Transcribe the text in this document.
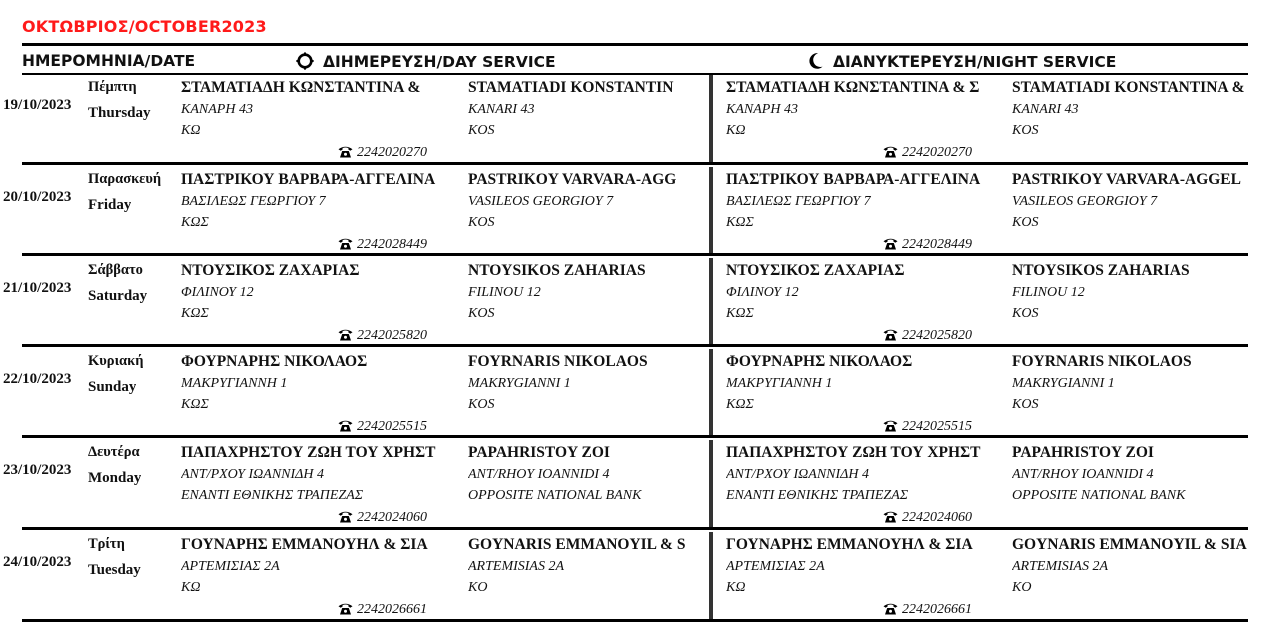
ΟΚΤΩΒΡΙΟΣ/OCTOBER2023
ΗΜΕΡΟΜΗΝΙΑ/DATE	ΔΙΗΜΕΡΕΥΣΗ/DAY SERVICE	ΔΙΑΝΥΚΤΕΡΕΥΣΗ/NIGHT SERVICE
19/10/2023
Πέμπτη
Thursday
ΣΤΑΜΑΤΙΑΔΗ ΚΩΝΣΤΑΝΤΙΝΑ &
ΚΑΝΑΡΗ 43
ΚΩ
STAMATIADI KONSTANTIN
KANARI 43
KOS
2242020270
ΣΤΑΜΑΤΙΑΔΗ ΚΩΝΣΤΑΝΤΙΝΑ & Σ
ΚΑΝΑΡΗ 43
ΚΩ
STAMATIADI KONSTANTINA &
KANARI 43
KOS
2242020270
20/10/2023
Παρασκευή
Friday
ΠΑΣΤΡΙΚΟΥ ΒΑΡΒΑΡΑ-ΑΓΓΕΛΙΝΑ
ΒΑΣΙΛΕΩΣ ΓΕΩΡΓΙΟΥ 7
ΚΩΣ
PASTRIKOY VARVARA-AGG
VASILEOS GEORGIOY 7
KOS
2242028449
ΠΑΣΤΡΙΚΟΥ ΒΑΡΒΑΡΑ-ΑΓΓΕΛΙΝΑ
ΒΑΣΙΛΕΩΣ ΓΕΩΡΓΙΟΥ 7
ΚΩΣ
PASTRIKOY VARVARA-AGGEL
VASILEOS GEORGIOY 7
KOS
2242028449
21/10/2023
Σάββατο
Saturday
ΝΤΟΥΣΙΚΟΣ ΖΑΧΑΡΙΑΣ
ΦΙΛΙΝΟΥ 12
ΚΩΣ
NTOYSIKOS ZAHARIAS
FILINOU 12
KOS
2242025820
ΝΤΟΥΣΙΚΟΣ ΖΑΧΑΡΙΑΣ
ΦΙΛΙΝΟΥ 12
ΚΩΣ
NTOYSIKOS ZAHARIAS
FILINOU 12
KOS
2242025820
22/10/2023
Κυριακή
Sunday
ΦΟΥΡΝΑΡΗΣ ΝΙΚΟΛΑΟΣ
ΜΑΚΡΥΓΙΑΝΝΗ 1
ΚΩΣ
FOYRNARIS NIKOLAOS
MAKRYGIANNI 1
KOS
2242025515
ΦΟΥΡΝΑΡΗΣ ΝΙΚΟΛΑΟΣ
ΜΑΚΡΥΓΙΑΝΝΗ 1
ΚΩΣ
FOYRNARIS NIKOLAOS
MAKRYGIANNI 1
KOS
2242025515
23/10/2023
Δευτέρα
Monday
ΠΑΠΑΧΡΗΣΤΟΥ ΖΩΗ ΤΟΥ ΧΡΗΣΤ
ΑΝΤ/ΡΧΟΥ ΙΩΑΝΝΙΔΗ 4
ΕΝΑΝΤΙ ΕΘΝΙΚΗΣ ΤΡΑΠΕΖΑΣ
PAPAHRISTOY ZOI
ANT/RHOY IOANNIDI 4
OPPOSITE NATIONAL BANK
2242024060
ΠΑΠΑΧΡΗΣΤΟΥ ΖΩΗ ΤΟΥ ΧΡΗΣΤ
ΑΝΤ/ΡΧΟΥ ΙΩΑΝΝΙΔΗ 4
ΕΝΑΝΤΙ ΕΘΝΙΚΗΣ ΤΡΑΠΕΖΑΣ
PAPAHRISTOY ZOI
ANT/RHOY IOANNIDI 4
OPPOSITE NATIONAL BANK
2242024060
24/10/2023
Τρίτη
Tuesday
ΓΟΥΝΑΡΗΣ ΕΜΜΑΝΟΥΗΛ & ΣΙΑ
ΑΡΤΕΜΙΣΙΑΣ 2Α
ΚΩ
GOYNARIS EMMANOYIL & S
ARTEMISIAS 2A
KO
2242026661
ΓΟΥΝΑΡΗΣ ΕΜΜΑΝΟΥΗΛ & ΣΙΑ
ΑΡΤΕΜΙΣΙΑΣ 2Α
ΚΩ
GOYNARIS EMMANOYIL & SIA
ARTEMISIAS 2A
KO
2242026661
